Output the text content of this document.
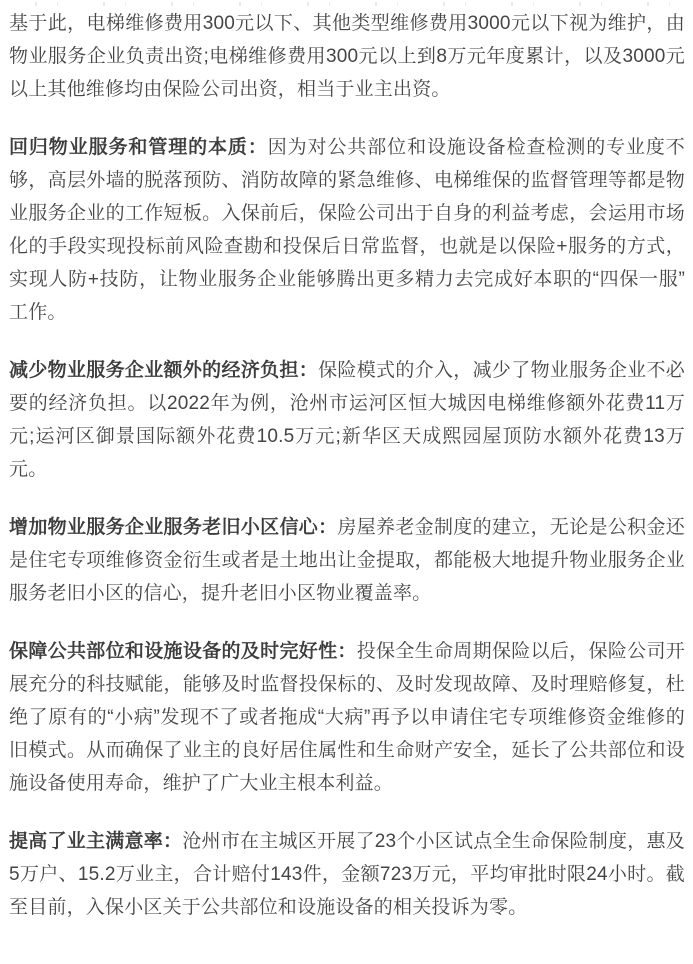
基于此，电梯维修费用300元以下、其他类型维修费用3000元以下视为维护，由物业服务企业负责出资;电梯维修费用300元以上到8万元年度累计，以及3000元以上其他维修均由保险公司出资，相当于业主出资。

回归物业服务和管理的本质：因为对公共部位和设施设备检查检测的专业度不够，高层外墙的脱落预防、消防故障的紧急维修、电梯维保的监督管理等都是物业服务企业的工作短板。入保前后，保险公司出于自身的利益考虑，会运用市场化的手段实现投标前风险查勘和投保后日常监督，也就是以保险+服务的方式，实现人防+技防，让物业服务企业能够腾出更多精力去完成好本职的“四保一服”工作。

减少物业服务企业额外的经济负担：保险模式的介入，减少了物业服务企业不必要的经济负担。以2022年为例，沧州市运河区恒大城因电梯维修额外花费11万元;运河区御景国际额外花费10.5万元;新华区天成熙园屋顶防水额外花费13万元。

增加物业服务企业服务老旧小区信心：房屋养老金制度的建立，无论是公积金还是住宅专项维修资金衍生或者是土地出让金提取，都能极大地提升物业服务企业服务老旧小区的信心，提升老旧小区物业覆盖率。

保障公共部位和设施设备的及时完好性：投保全生命周期保险以后，保险公司开展充分的科技赋能，能够及时监督投保标的、及时发现故障、及时理赔修复，杜绝了原有的“小病”发现不了或者拖成“大病”再予以申请住宅专项维修资金维修的旧模式。从而确保了业主的良好居住属性和生命财产安全，延长了公共部位和设施设备使用寿命，维护了广大业主根本利益。

提高了业主满意率：沧州市在主城区开展了23个小区试点全生命保险制度，惠及5万户、15.2万业主，合计赔付143件，金额723万元，平均审批时限24小时。截至目前，入保小区关于公共部位和设施设备的相关投诉为零。
